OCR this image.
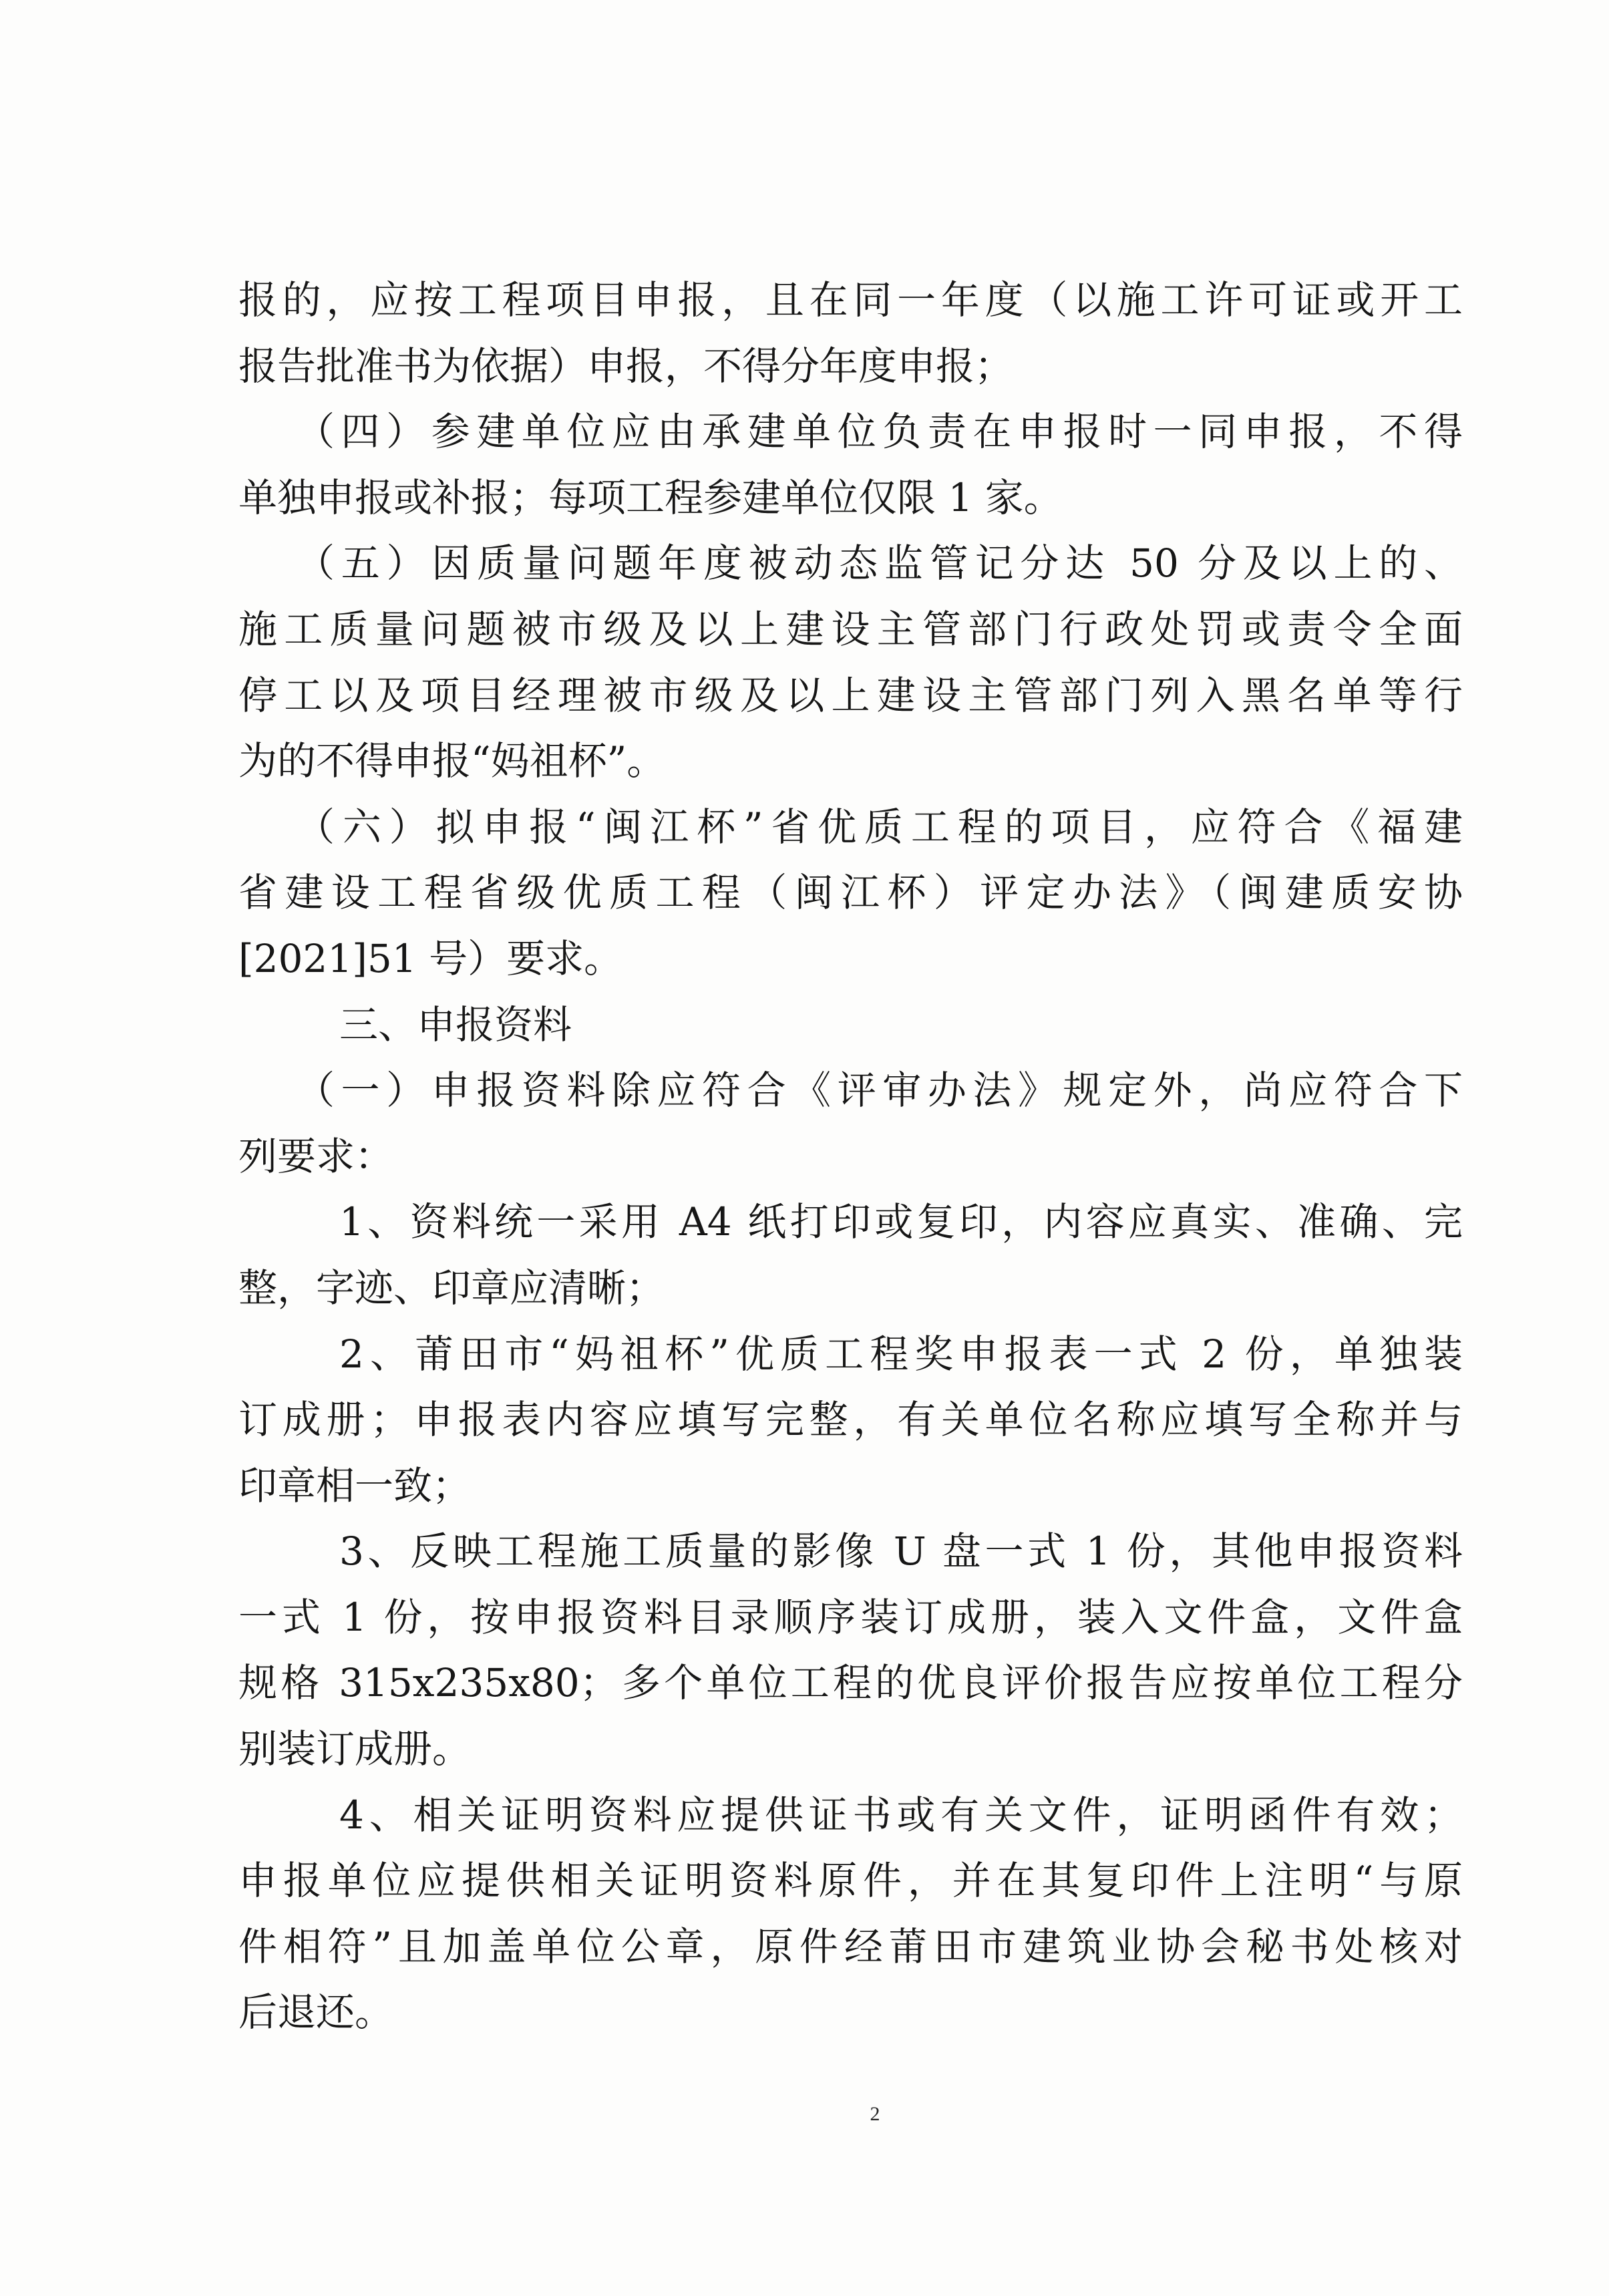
报的，应按工程项目申报，且在同一年度（以施工许可证或开工
报告批准书为依据）申报，不得分年度申报；
（四）参建单位应由承建单位负责在申报时一同申报，不得
单独申报或补报；每项工程参建单位仅限 1 家。
（五）因质量问题年度被动态监管记分达 50 分及以上的、
施工质量问题被市级及以上建设主管部门行政处罚或责令全面
停工以及项目经理被市级及以上建设主管部门列入黑名单等行
为的不得申报“妈祖杯”。
（六）拟申报“闽江杯”省优质工程的项目，应符合《福建
省建设工程省级优质工程（闽江杯）评定办法》（闽建质安协
[2021]51 号）要求。
三、申报资料
（一）申报资料除应符合《评审办法》规定外，尚应符合下
列要求：
1、资料统一采用 A4 纸打印或复印，内容应真实、准确、完
整，字迹、印章应清晰；
2、莆田市“妈祖杯”优质工程奖申报表一式 2 份，单独装
订成册；申报表内容应填写完整，有关单位名称应填写全称并与
印章相一致；
3、反映工程施工质量的影像 U 盘一式 1 份，其他申报资料
一式 1 份，按申报资料目录顺序装订成册，装入文件盒，文件盒
规格 315x235x80；多个单位工程的优良评价报告应按单位工程分
别装订成册。
4、相关证明资料应提供证书或有关文件，证明函件有效；
申报单位应提供相关证明资料原件，并在其复印件上注明“与原
件相符”且加盖单位公章，原件经莆田市建筑业协会秘书处核对
后退还。
2
